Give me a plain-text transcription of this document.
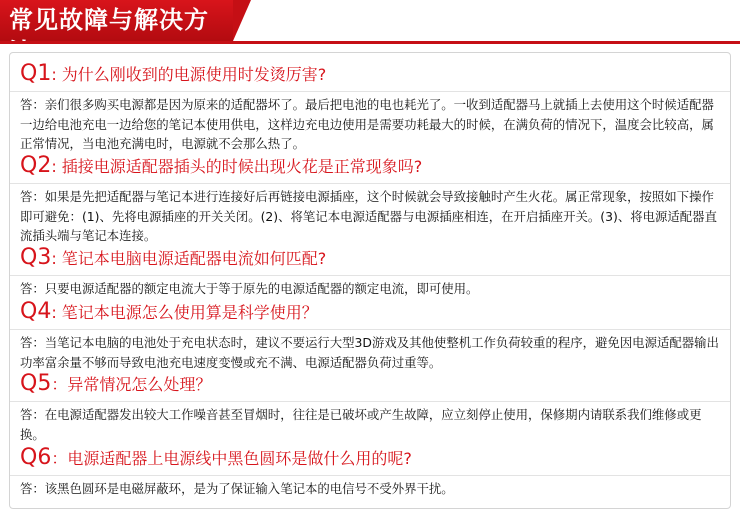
常见故障与解决方
Q1: 为什么刚收到的电源使用时发烫厉害?
答：亲们很多购买电源都是因为原来的适配器坏了。最后把电池的电也耗光了。一收到适配器马上就插上去使用这个时候适配器一边给电池充电一边给您的笔记本使用供电，这样边充电边使用是需要功耗最大的时候，在满负荷的情况下，温度会比较高，属正常情况，当电池充满电时，电源就不会那么热了。
Q2: 插接电源适配器插头的时候出现火花是正常现象吗?
答：如果是先把适配器与笔记本进行连接好后再链接电源插座，这个时候就会导致接触时产生火花。属正常现象，按照如下操作即可避免：(1)、先将电源插座的开关关闭。(2)、将笔记本电源适配器与电源插座相连，在开启插座开关。(3)、将电源适配器直流插头端与笔记本连接。
Q3: 笔记本电脑电源适配器电流如何匹配?
答：只要电源适配器的额定电流大于等于原先的电源适配器的额定电流，即可使用。
Q4: 笔记本电源怎么使用算是科学使用？
答：当笔记本电脑的电池处于充电状态时，建议不要运行大型3D游戏及其他使整机工作负荷较重的程序，避免因电源适配器输出功率富余量不够而导致电池充电速度变慢或充不满、电源适配器负荷过重等。
Q5：异常情况怎么处理？
答：在电源适配器发出较大工作噪音甚至冒烟时，往往是已破坏或产生故障，应立刻停止使用，保修期内请联系我们维修或更换。
Q6：电源适配器上电源线中黑色圆环是做什么用的呢?
答：该黑色圆环是电磁屏蔽环，是为了保证输入笔记本的电信号不受外界干扰。
